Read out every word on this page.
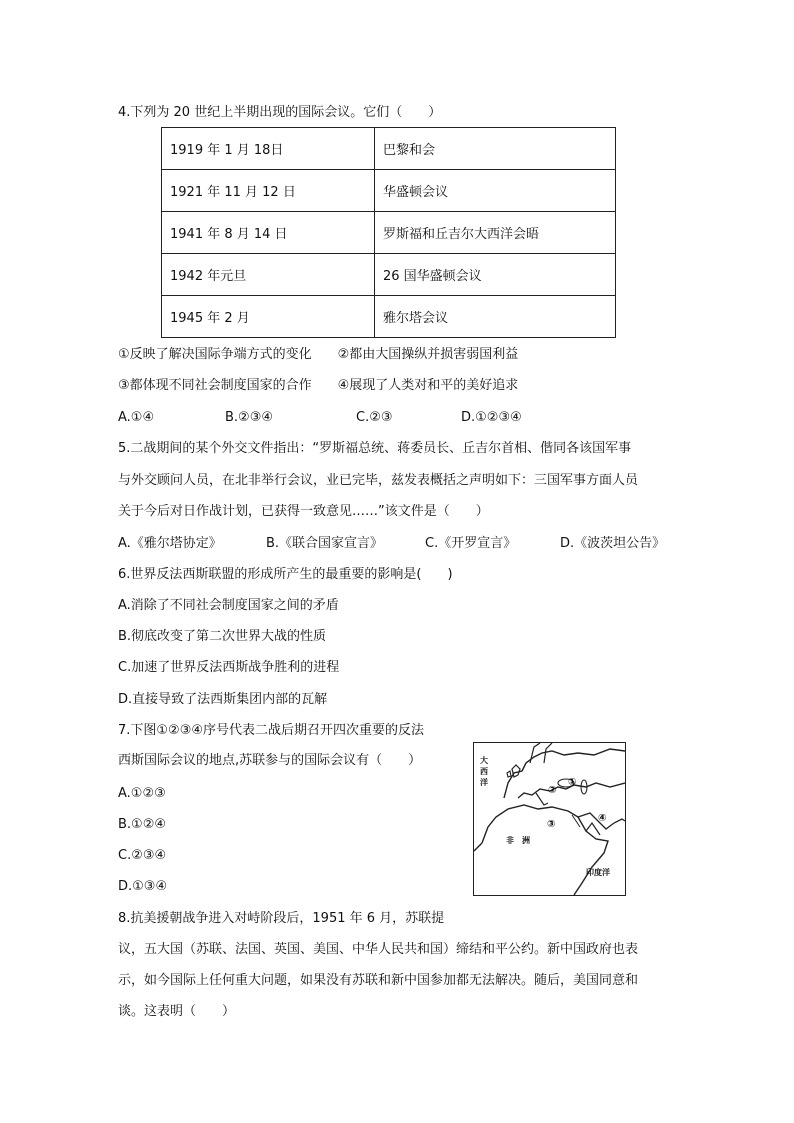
4.下列为 20 世纪上半期出现的国际会议。它们（　　）
1919 年 1 月 18日	巴黎和会
1921 年 11 月 12 日	华盛顿会议
1941 年 8 月 14 日	罗斯福和丘吉尔大西洋会晤
1942 年元旦	26 国华盛顿会议
1945 年 2 月	雅尔塔会议
①反映了解决国际争端方式的变化　　②都由大国操纵并损害弱国利益
③都体现不同社会制度国家的合作　　④展现了人类对和平的美好追求
A.①④	B.②③④	C.②③	D.①②③④
5.二战期间的某个外交文件指出：“罗斯福总统、蒋委员长、丘吉尔首相、偕同各该国军事
与外交顾问人员，在北非举行会议，业已完毕，兹发表概括之声明如下：三国军事方面人员
关于今后对日作战计划，已获得一致意见……”该文件是（　　）
A.《雅尔塔协定》	B.《联合国家宣言》	C.《开罗宣言》	D.《波茨坦公告》
6.世界反法西斯联盟的形成所产生的最重要的影响是(　　)
A.消除了不同社会制度国家之间的矛盾
B.彻底改变了第二次世界大战的性质
C.加速了世界反法西斯战争胜利的进程
D.直接导致了法西斯集团内部的瓦解
7.下图①②③④序号代表二战后期召开四次重要的反法
西斯国际会议的地点,苏联参与的国际会议有（　　）
A.①②③
B.①②④
C.②③④
D.①③④
大
西
洋
非　洲
印度洋
①
②
③
④
8.抗美援朝战争进入对峙阶段后，1951 年 6 月，苏联提
议，五大国（苏联、法国、英国、美国、中华人民共和国）缔结和平公约。新中国政府也表
示，如今国际上任何重大问题，如果没有苏联和新中国参加都无法解决。随后，美国同意和
谈。这表明（　　）
